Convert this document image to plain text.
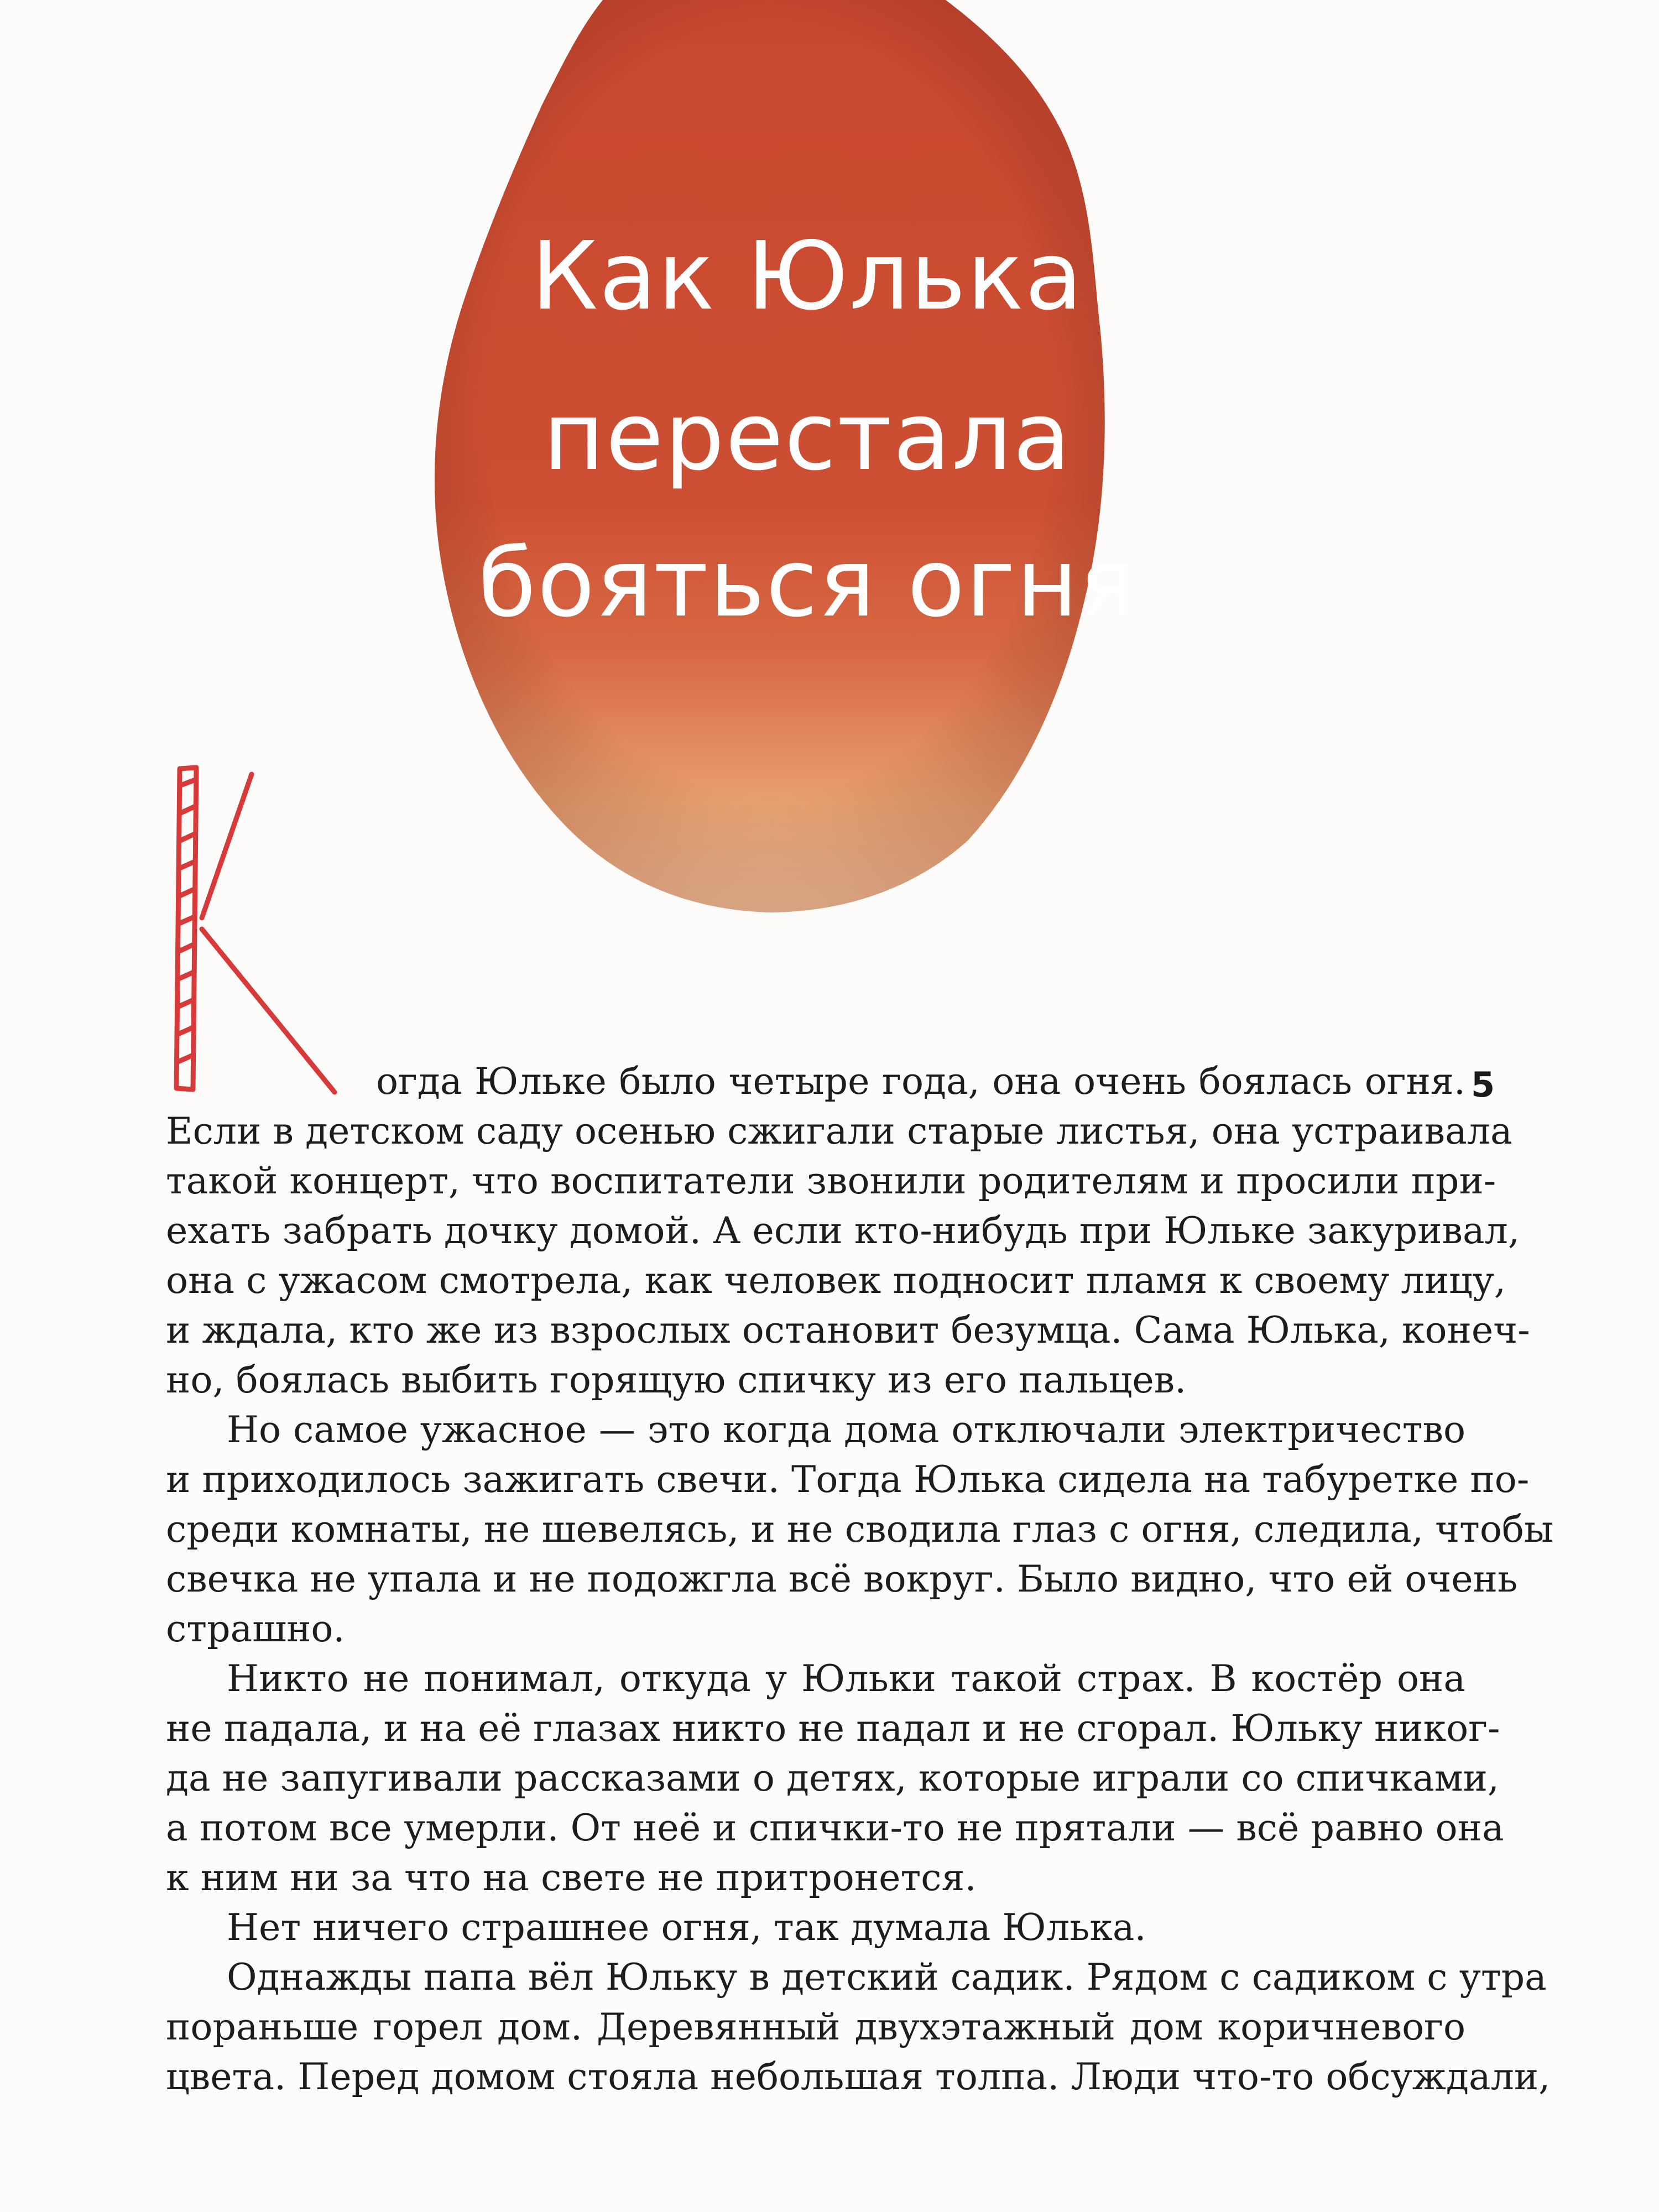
Как Юлька
перестала
бояться огня
5
огда Юльке было четыре года, она очень боялась огня.
Если в детском саду осенью сжигали старые листья, она устраивала
такой концерт, что воспитатели звонили родителям и просили при-
ехать забрать дочку домой. А если кто-нибудь при Юльке закуривал,
она с ужасом смотрела, как человек подносит пламя к своему лицу,
и ждала, кто же из взрослых остановит безумца. Сама Юлька, конеч-
но, боялась выбить горящую спичку из его пальцев.
Но самое ужасное — это когда дома отключали электричество
и приходилось зажигать свечи. Тогда Юлька сидела на табуретке по-
среди комнаты, не шевелясь, и не сводила глаз с огня, следила, чтобы
свечка не упала и не подожгла всё вокруг. Было видно, что ей очень
страшно.
Никто не понимал, откуда у Юльки такой страх. В костёр она
не падала, и на её глазах никто не падал и не сгорал. Юльку никог-
да не запугивали рассказами о детях, которые играли со спичками,
а потом все умерли. От неё и спички-то не прятали — всё равно она
к ним ни за что на свете не притронется.
Нет ничего страшнее огня, так думала Юлька.
Однажды папа вёл Юльку в детский садик. Рядом с садиком с утра
пораньше горел дом. Деревянный двухэтажный дом коричневого
цвета. Перед домом стояла небольшая толпа. Люди что-то обсуждали,
